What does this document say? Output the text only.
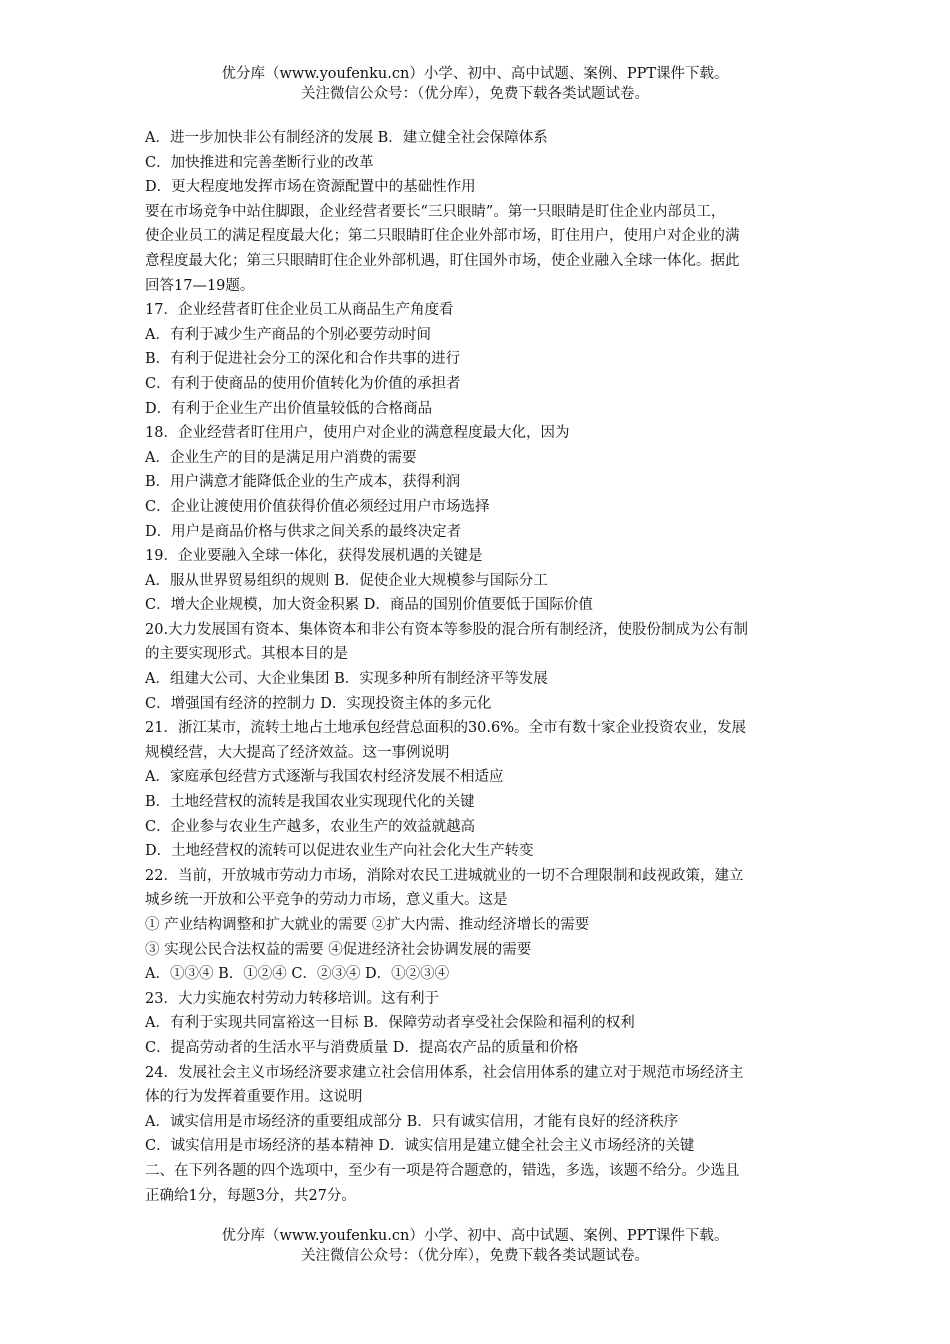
优分库（www.youfenku.cn）小学、初中、高中试题、案例、PPT课件下载。
关注微信公众号：（优分库），免费下载各类试题试卷。
A．进一步加快非公有制经济的发展 B．建立健全社会保障体系
C．加快推进和完善垄断行业的改革
D．更大程度地发挥市场在资源配置中的基础性作用
要在市场竞争中站住脚跟，企业经营者要长“三只眼睛”。第一只眼睛是盯住企业内部员工，
使企业员工的满足程度最大化；第二只眼睛盯住企业外部市场，盯住用户，使用户对企业的满
意程度最大化；第三只眼睛盯住企业外部机遇，盯住国外市场，使企业融入全球一体化。据此
回答17—19题。
17．企业经营者盯住企业员工从商品生产角度看
A．有利于减少生产商品的个别必要劳动时间
B．有利于促进社会分工的深化和合作共事的进行
C．有利于使商品的使用价值转化为价值的承担者
D．有利于企业生产出价值量较低的合格商品
18．企业经营者盯住用户，使用户对企业的满意程度最大化，因为
A．企业生产的目的是满足用户消费的需要
B．用户满意才能降低企业的生产成本，获得利润
C．企业让渡使用价值获得价值必须经过用户市场选择
D．用户是商品价格与供求之间关系的最终决定者
19．企业要融入全球一体化，获得发展机遇的关键是
A．服从世界贸易组织的规则 B．促使企业大规模参与国际分工
C．增大企业规模，加大资金积累 D．商品的国别价值要低于国际价值
20.大力发展国有资本、集体资本和非公有资本等参股的混合所有制经济，使股份制成为公有制
的主要实现形式。其根本目的是
A．组建大公司、大企业集团 B．实现多种所有制经济平等发展
C．增强国有经济的控制力 D．实现投资主体的多元化
21．浙江某市，流转土地占土地承包经营总面积的30.6%。全市有数十家企业投资农业，发展
规模经营，大大提高了经济效益。这一事例说明
A．家庭承包经营方式逐渐与我国农村经济发展不相适应
B．土地经营权的流转是我国农业实现现代化的关键
C．企业参与农业生产越多，农业生产的效益就越高
D．土地经营权的流转可以促进农业生产向社会化大生产转变
22．当前，开放城市劳动力市场，消除对农民工进城就业的一切不合理限制和歧视政策，建立
城乡统一开放和公平竞争的劳动力市场，意义重大。这是
① 产业结构调整和扩大就业的需要 ②扩大内需、推动经济增长的需要
③ 实现公民合法权益的需要 ④促进经济社会协调发展的需要
A．①③④ B．①②④ C．②③④ D．①②③④
23．大力实施农村劳动力转移培训。这有利于
A．有利于实现共同富裕这一目标 B．保障劳动者享受社会保险和福利的权利
C．提高劳动者的生活水平与消费质量 D．提高农产品的质量和价格
24．发展社会主义市场经济要求建立社会信用体系，社会信用体系的建立对于规范市场经济主
体的行为发挥着重要作用。这说明
A．诚实信用是市场经济的重要组成部分 B．只有诚实信用，才能有良好的经济秩序
C．诚实信用是市场经济的基本精神 D．诚实信用是建立健全社会主义市场经济的关键
二、在下列各题的四个选项中，至少有一项是符合题意的，错选，多选，该题不给分。少选且
正确给1分，每题3分，共27分。
优分库（www.youfenku.cn）小学、初中、高中试题、案例、PPT课件下载。
关注微信公众号：（优分库），免费下载各类试题试卷。
